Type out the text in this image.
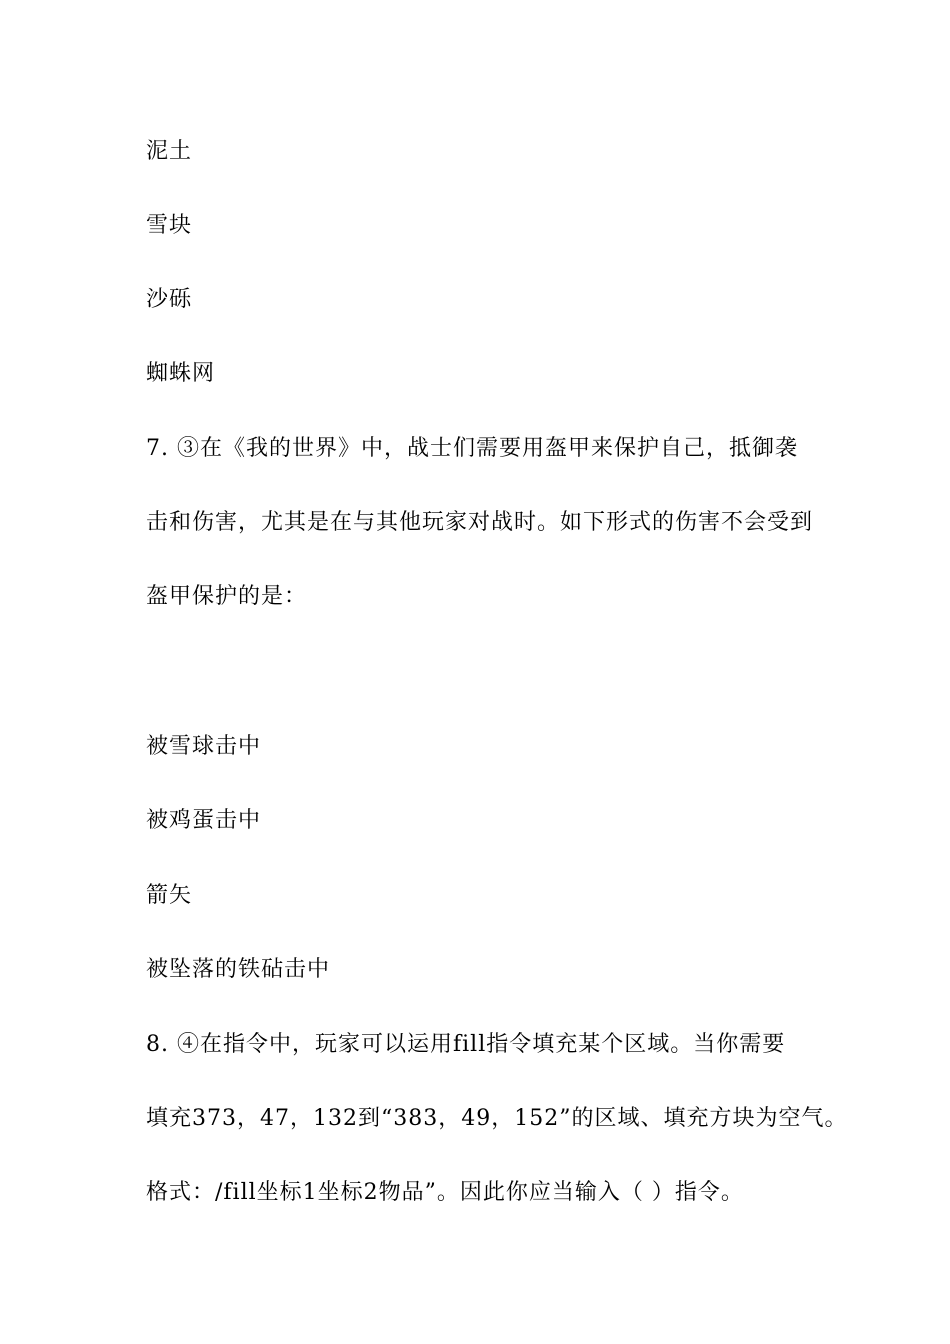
泥土
雪块
沙砾
蜘蛛网
7. ③在《我的世界》中，战士们需要用盔甲来保护自己，抵御袭
击和伤害，尤其是在与其他玩家对战时。如下形式的伤害不会受到
盔甲保护的是：
被雪球击中
被鸡蛋击中
箭矢
被坠落的铁砧击中
8. ④在指令中，玩家可以运用fill指令填充某个区域。当你需要
填充373，47，132到“383，49，152”的区域、填充方块为空气。
格式：/fill坐标1坐标2物品”。因此你应当输入（ ）指令。
